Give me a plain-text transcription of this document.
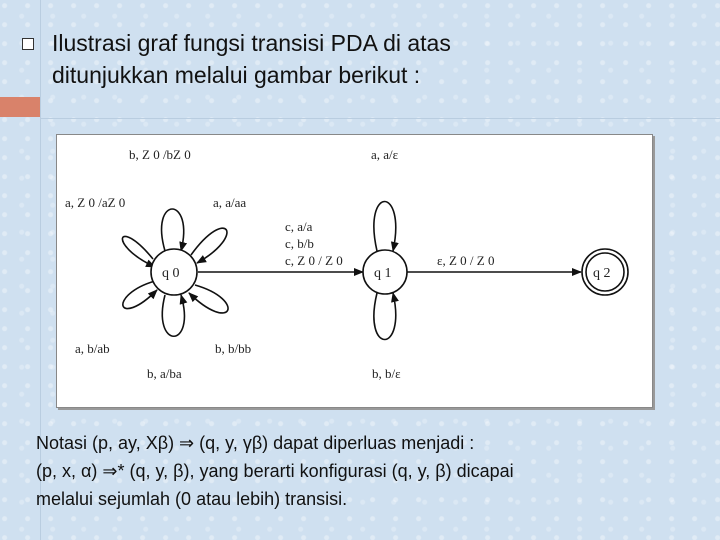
Ilustrasi graf fungsi transisi PDA di atas
ditunjukkan melalui gambar berikut :
q 0	q 1	q 2
b, Z 0 /bZ 0	a, a/ε
a, Z 0 /aZ 0	a, a/aa
c, a/a
c, b/b
c, Z 0 / Z 0	ε, Z 0 / Z 0
a, b/ab	b, b/bb
b, a/ba	b, b/ε
Notasi (p, ay, Xβ) ⇒ (q, y, γβ) dapat diperluas menjadi :
(p, x, α) ⇒* (q, y, β), yang berarti konfigurasi (q, y, β) dicapai
melalui sejumlah (0 atau lebih) transisi.
